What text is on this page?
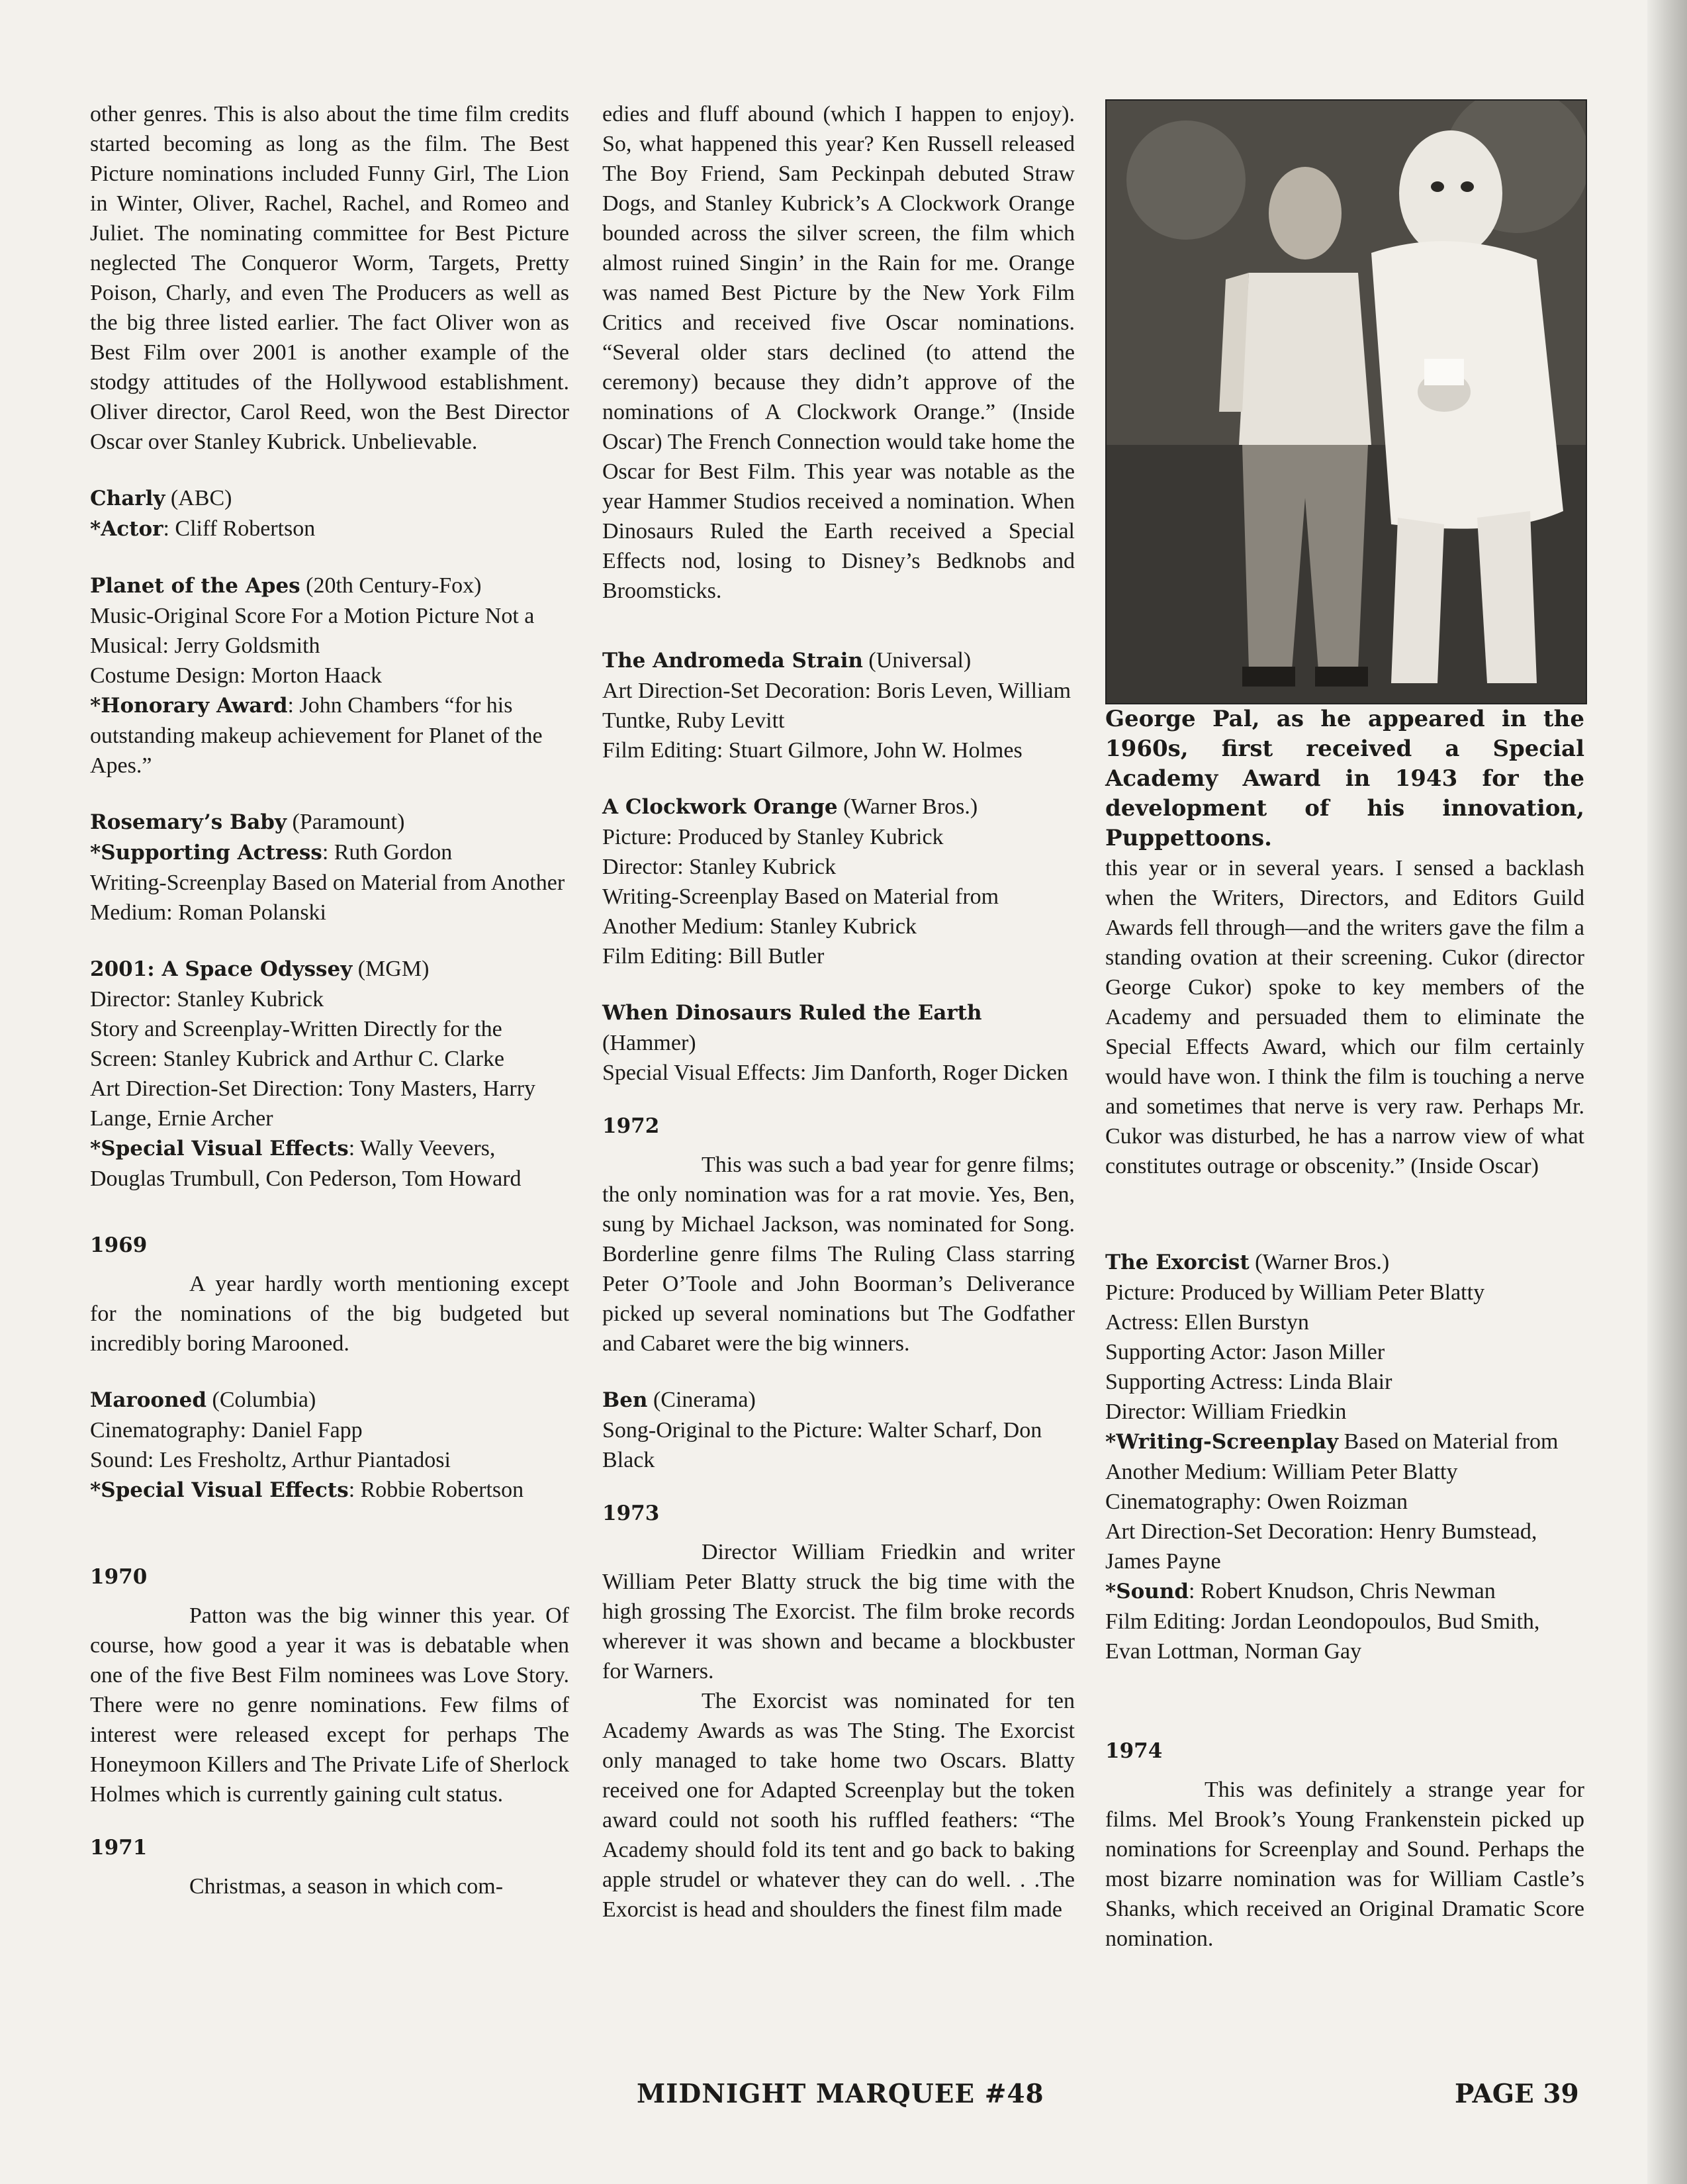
other genres. This is also about the time film credits started becoming as long as the film. The Best Picture nominations included Funny Girl, The Lion in Winter, Oliver, Rachel, Rachel, and Romeo and Juliet. The nominating committee for Best Picture neglected The Conqueror Worm, Targets, Pretty Poison, Charly, and even The Producers as well as the big three listed earlier. The fact Oliver won as Best Film over 2001 is another example of the stodgy attitudes of the Hollywood establishment. Oliver director, Carol Reed, won the Best Director Oscar over Stanley Kubrick. Unbelievable.

Charly (ABC)
*Actor: Cliff Robertson
Planet of the Apes (20th Century-Fox)
Music-Original Score For a Motion Picture Not a Musical: Jerry Goldsmith
Costume Design: Morton Haack
*Honorary Award: John Chambers “for his outstanding makeup achievement for Planet of the Apes.”
Rosemary’s Baby (Paramount)
*Supporting Actress: Ruth Gordon
Writing-Screenplay Based on Material from Another Medium: Roman Polanski
2001: A Space Odyssey (MGM)
Director: Stanley Kubrick
Story and Screenplay-Written Directly for the Screen: Stanley Kubrick and Arthur C. Clarke
Art Direction-Set Direction: Tony Masters, Harry Lange, Ernie Archer
*Special Visual Effects: Wally Veevers, Douglas Trumbull, Con Pederson, Tom Howard
1969

A year hardly worth mentioning except for the nominations of the big budgeted but incredibly boring Marooned.

Marooned (Columbia)
Cinematography: Daniel Fapp
Sound: Les Fresholtz, Arthur Piantadosi
*Special Visual Effects: Robbie Robertson
1970

Patton was the big winner this year. Of course, how good a year it was is debatable when one of the five Best Film nominees was Love Story. There were no genre nominations. Few films of interest were released except for perhaps The Honeymoon Killers and The Private Life of Sherlock Holmes which is currently gaining cult status.

1971

Christmas, a season in which com-

edies and fluff abound (which I happen to enjoy). So, what happened this year? Ken Russell released The Boy Friend, Sam Peckinpah debuted Straw Dogs, and Stanley Kubrick’s A Clockwork Orange bounded across the silver screen, the film which almost ruined Singin’ in the Rain for me. Orange was named Best Picture by the New York Film Critics and received five Oscar nominations. “Several older stars declined (to attend the ceremony) because they didn’t approve of the nominations of A Clockwork Orange.” (Inside Oscar) The French Connection would take home the Oscar for Best Film. This year was notable as the year Hammer Studios received a nomination. When Dinosaurs Ruled the Earth received a Special Effects nod, losing to Disney’s Bedknobs and Broomsticks.

The Andromeda Strain (Universal)
Art Direction-Set Decoration: Boris Leven, William Tuntke, Ruby Levitt
Film Editing: Stuart Gilmore, John W. Holmes
A Clockwork Orange (Warner Bros.)
Picture: Produced by Stanley Kubrick
Director: Stanley Kubrick
Writing-Screenplay Based on Material from Another Medium: Stanley Kubrick
Film Editing: Bill Butler
When Dinosaurs Ruled the Earth (Hammer)
Special Visual Effects: Jim Danforth, Roger Dicken
1972

This was such a bad year for genre films; the only nomination was for a rat movie. Yes, Ben, sung by Michael Jackson, was nominated for Song. Borderline genre films The Ruling Class starring Peter O’Toole and John Boorman’s Deliverance picked up several nominations but The Godfather and Cabaret were the big winners.

Ben (Cinerama)
Song-Original to the Picture: Walter Scharf, Don Black
1973

Director William Friedkin and writer William Peter Blatty struck the big time with the high grossing The Exorcist. The film broke records wherever it was shown and became a blockbuster for Warners.

The Exorcist was nominated for ten Academy Awards as was The Sting. The Exorcist only managed to take home two Oscars. Blatty received one for Adapted Screenplay but the token award could not sooth his ruffled feathers: “The Academy should fold its tent and go back to baking apple strudel or whatever they can do well. . .The Exorcist is head and shoulders the finest film made

George Pal, as he appeared in the 1960s, first received a Special Academy Award in 1943 for the development of his innovation, Puppettoons.

this year or in several years. I sensed a backlash when the Writers, Directors, and Editors Guild Awards fell through—and the writers gave the film a standing ovation at their screening. Cukor (director George Cukor) spoke to key members of the Academy and persuaded them to eliminate the Special Effects Award, which our film certainly would have won. I think the film is touching a nerve and sometimes that nerve is very raw. Perhaps Mr. Cukor was disturbed, he has a narrow view of what constitutes outrage or obscenity.” (Inside Oscar)

The Exorcist (Warner Bros.)
Picture: Produced by William Peter Blatty
Actress: Ellen Burstyn
Supporting Actor: Jason Miller
Supporting Actress: Linda Blair
Director: William Friedkin
*Writing-Screenplay Based on Material from Another Medium: William Peter Blatty
Cinematography: Owen Roizman
Art Direction-Set Decoration: Henry Bumstead, James Payne
*Sound: Robert Knudson, Chris Newman
Film Editing: Jordan Leondopoulos, Bud Smith, Evan Lottman, Norman Gay
1974

This was definitely a strange year for films. Mel Brook’s Young Frankenstein picked up nominations for Screenplay and Sound. Perhaps the most bizarre nomination was for William Castle’s Shanks, which received an Original Dramatic Score nomination.

MIDNIGHT MARQUEE #48	PAGE 39
